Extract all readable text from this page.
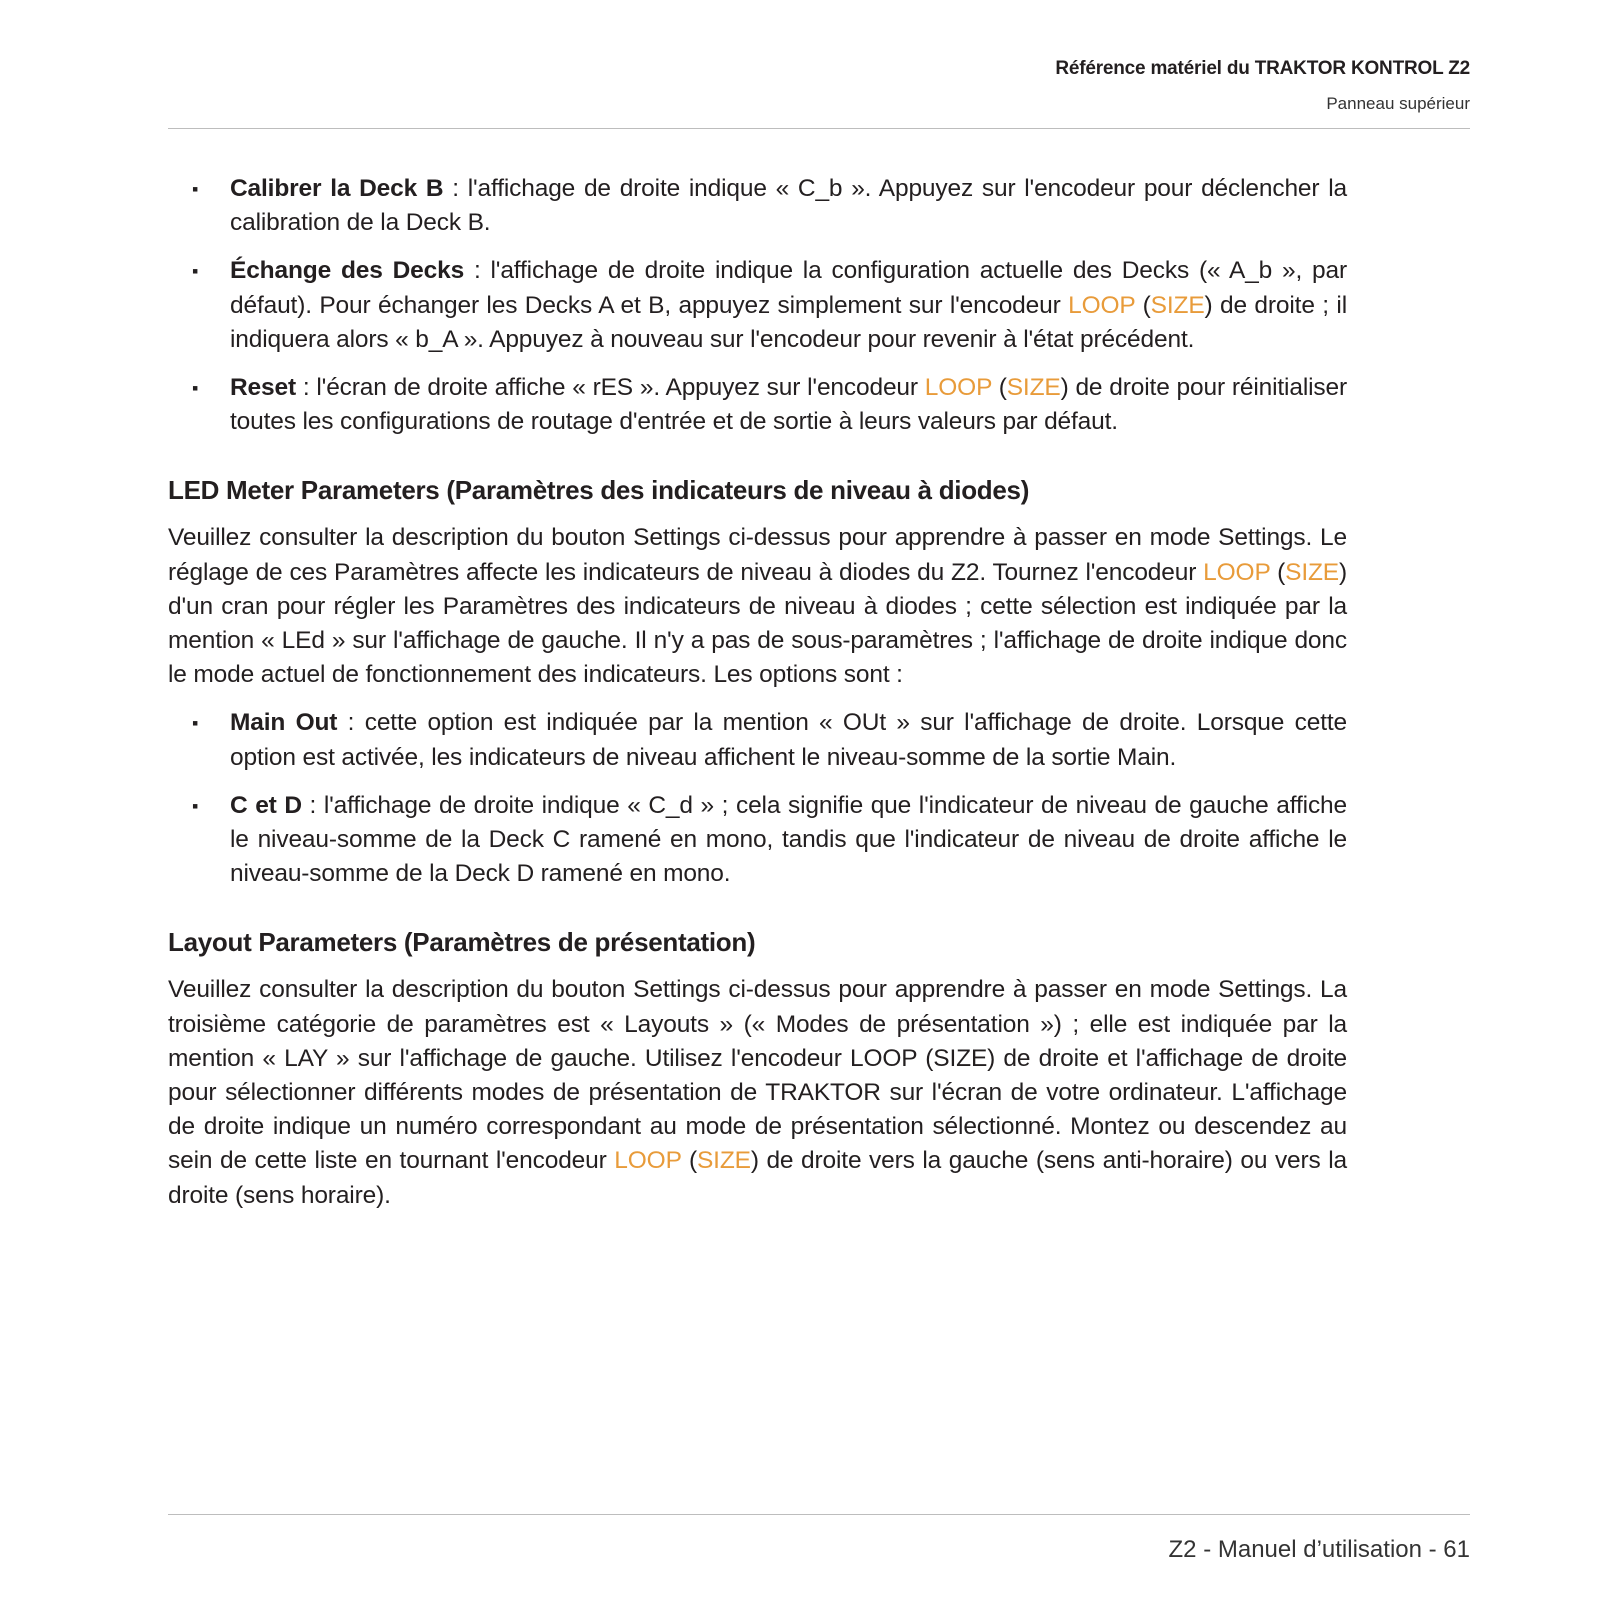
Référence matériel du TRAKTOR KONTROL Z2
Panneau supérieur
▪ Calibrer la Deck B : l'affichage de droite indique « C_b ». Appuyez sur l'encodeur pour déclencher la calibration de la Deck B.
▪ Échange des Decks : l'affichage de droite indique la configuration actuelle des Decks (« A_b », par défaut). Pour échanger les Decks A et B, appuyez simplement sur l'encodeur LOOP (SIZE) de droite ; il indiquera alors « b_A ». Appuyez à nouveau sur l'encodeur pour revenir à l'état précédent.
▪ Reset : l'écran de droite affiche « rES ». Appuyez sur l'encodeur LOOP (SIZE) de droite pour réinitialiser toutes les configurations de routage d'entrée et de sortie à leurs valeurs par défaut.
LED Meter Parameters (Paramètres des indicateurs de niveau à diodes)

Veuillez consulter la description du bouton Settings ci-dessus pour apprendre à passer en mode Settings. Le réglage de ces Paramètres affecte les indicateurs de niveau à diodes du Z2. Tournez l'encodeur LOOP (SIZE) d'un cran pour régler les Paramètres des indicateurs de niveau à diodes ; cette sélection est indiquée par la mention « LEd » sur l'affichage de gauche. Il n'y a pas de sous-paramètres ; l'affichage de droite indique donc le mode actuel de fonctionnement des indicateurs. Les options sont :

▪ Main Out : cette option est indiquée par la mention « OUt » sur l'affichage de droite. Lorsque cette option est activée, les indicateurs de niveau affichent le niveau-somme de la sortie Main.
▪ C et D : l'affichage de droite indique « C_d » ; cela signifie que l'indicateur de niveau de gauche affiche le niveau-somme de la Deck C ramené en mono, tandis que l'indicateur de niveau de droite affiche le niveau-somme de la Deck D ramené en mono.
Layout Parameters (Paramètres de présentation)

Veuillez consulter la description du bouton Settings ci-dessus pour apprendre à passer en mode Settings. La troisième catégorie de paramètres est « Layouts » (« Modes de présentation ») ; elle est indiquée par la mention « LAY » sur l'affichage de gauche. Utilisez l'encodeur LOOP (SIZE) de droite et l'affichage de droite pour sélectionner différents modes de présentation de TRAKTOR sur l'écran de votre ordinateur. L'affichage de droite indique un numéro correspondant au mode de présentation sélectionné. Montez ou descendez au sein de cette liste en tournant l'encodeur LOOP (SIZE) de droite vers la gauche (sens anti-horaire) ou vers la droite (sens horaire).

Z2 - Manuel d’utilisation - 61
